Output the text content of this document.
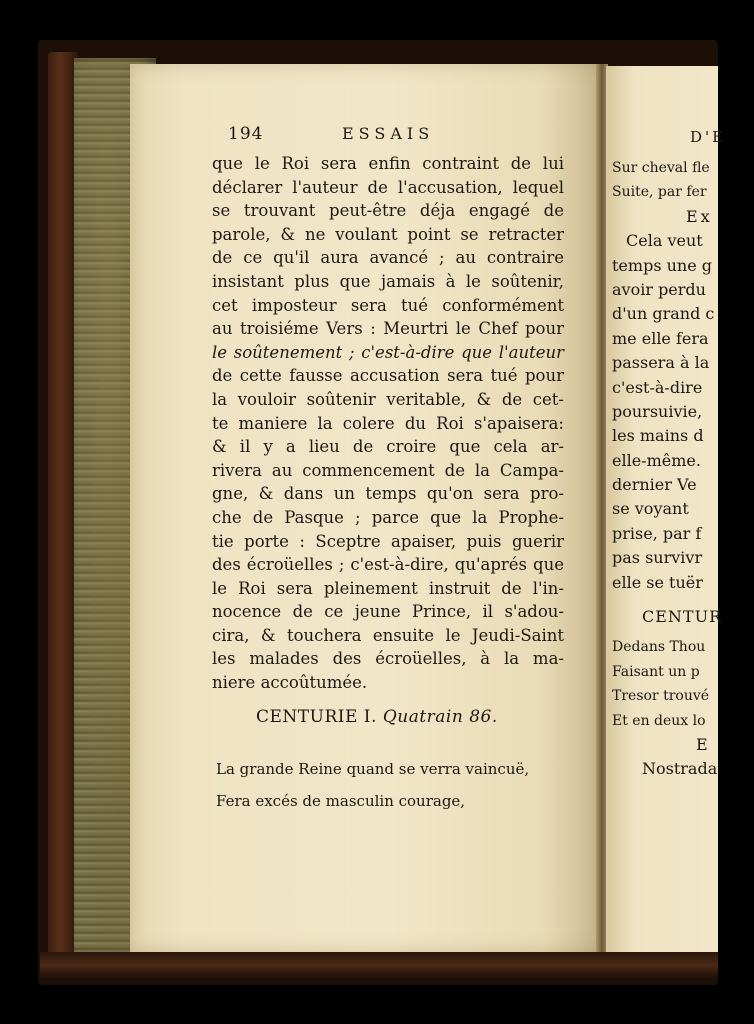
194	ESSAIS
que le Roi sera enfin contraint de lui
déclarer l'auteur de l'accusation, lequel
se trouvant peut-être déja engagé de
parole, & ne voulant point se retracter
de ce qu'il aura avancé ; au contraire
insistant plus que jamais à le soûtenir,
cet imposteur sera tué conformément
au troisiéme Vers : Meurtri le Chef pour
le soûtenement ; c'est-à-dire que l'auteur
de cette fausse accusation sera tué pour
la vouloir soûtenir veritable, & de cet-
te maniere la colere du Roi s'apaisera:
& il y a lieu de croire que cela ar-
rivera au commencement de la Campa-
gne, & dans un temps qu'on sera pro-
che de Pasque ; parce que la Prophe-
tie porte : Sceptre apaiser, puis guerir
des écroüelles ; c'est-à-dire, qu'aprés que
le Roi sera pleinement instruit de l'in-
nocence de ce jeune Prince, il s'adou-
cira, & touchera ensuite le Jeudi-Saint
les malades des écroüelles, à la ma-
niere accoûtumée.
CENTURIE I. Quatrain 86.
La grande Reine quand se verra vaincuë,
Fera excés de masculin courage,
D'E
Sur cheval fle
Suite, par fer
Ex
Cela veut
temps une g
avoir perdu
d'un grand c
me elle fera
passera à la
c'est-à-dire
poursuivie,
les mains d
elle-même.
dernier Ve
se voyant
prise, par f
pas survivr
elle se tuër
CENTUR
Dedans Thou
Faisant un p
Tresor trouvé
Et en deux lo
E
Nostrada
